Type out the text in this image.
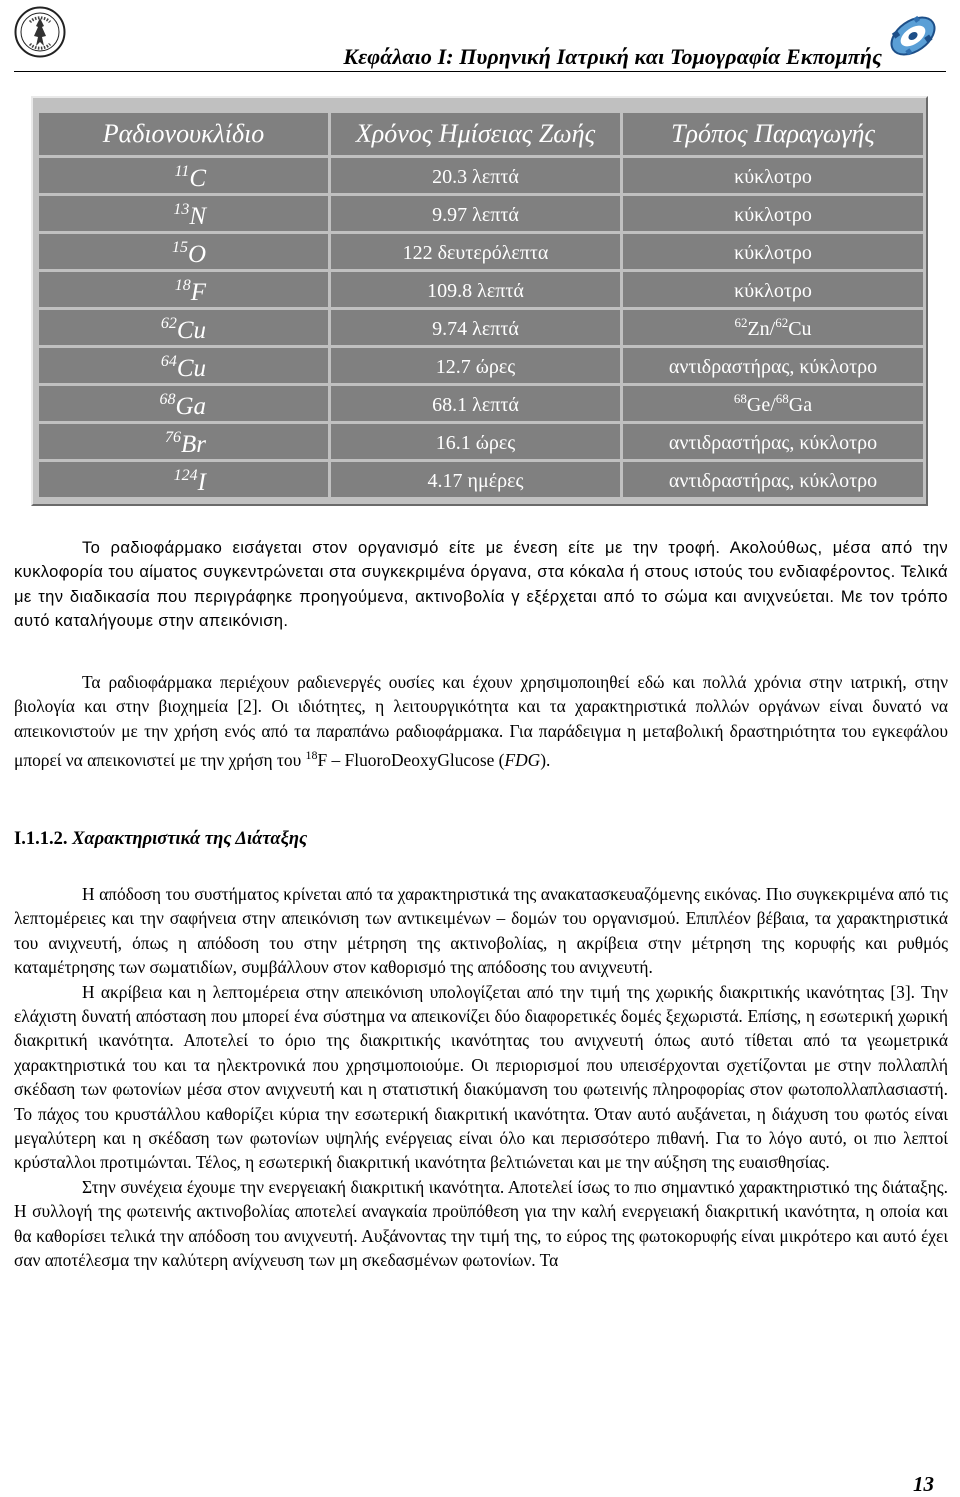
Κεφάλαιο Ι: Πυρηνική Ιατρική και Τομογραφία Εκπομπής
Ραδιονουκλίδιο	Χρόνος Ημίσειας Ζωής	Τρόπος Παραγωγής
$^{11}$C	20.3 λεπτά	κύκλοτρο
$^{13}$N	9.97 λεπτά	κύκλοτρο
$^{15}$O	122 δευτερόλεπτα	κύκλοτρο
$^{18}$F	109.8 λεπτά	κύκλοτρο
$^{62}$Cu	9.74 λεπτά	$^{62}$Zn/$^{62}$Cu
$^{64}$Cu	12.7 ώρες	αντιδραστήρας, κύκλοτρο
$^{68}$Ga	68.1 λεπτά	$^{68}$Ge/$^{68}$Ga
$^{76}$Br	16.1 ώρες	αντιδραστήρας, κύκλοτρο
$^{124}$I	4.17 ημέρες	αντιδραστήρας, κύκλοτρο

Το ραδιοφάρμακο εισάγεται στον οργανισμό είτε με ένεση είτε με την τροφή. Ακολούθως, μέσα από την κυκλοφορία του αίματος συγκεντρώνεται στα συγκεκριμένα όργανα, στα κόκαλα ή στους ιστούς του ενδιαφέροντος. Τελικά με την διαδικασία που περιγράφηκε προηγούμενα, ακτινοβολία γ εξέρχεται από το σώμα και ανιχνεύεται. Με τον τρόπο αυτό καταλήγουμε στην απεικόνιση.

Τα ραδιοφάρμακα περιέχουν ραδιενεργές ουσίες και έχουν χρησιμοποιηθεί εδώ και πολλά χρόνια στην ιατρική, στην βιολογία και στην βιοχημεία [2]. Οι ιδιότητες, η λειτουργικότητα και τα χαρακτηριστικά πολλών οργάνων είναι δυνατό να απεικονιστούν με την χρήση ενός από τα παραπάνω ραδιοφάρμακα. Για παράδειγμα η μεταβολική δραστηριότητα του εγκεφάλου μπορεί να απεικονιστεί με την χρήση του $^{18}$F – FluoroDeoxyGlucose (FDG).

Ι.1.1.2. Χαρακτηριστικά της Διάταξης

Η απόδοση του συστήματος κρίνεται από τα χαρακτηριστικά της ανακατασκευαζόμενης εικόνας. Πιο συγκεκριμένα από τις λεπτομέρειες και την σαφήνεια στην απεικόνιση των αντικειμένων – δομών του οργανισμού. Επιπλέον βέβαια, τα χαρακτηριστικά του ανιχνευτή, όπως η απόδοση του στην μέτρηση της ακτινοβολίας, η ακρίβεια στην μέτρηση της κορυφής και ρυθμός καταμέτρησης των σωματιδίων, συμβάλλουν στον καθορισμό της απόδοσης του ανιχνευτή.

Η ακρίβεια και η λεπτομέρεια στην απεικόνιση υπολογίζεται από την τιμή της χωρικής διακριτικής ικανότητας [3]. Την ελάχιστη δυνατή απόσταση που μπορεί ένα σύστημα να απεικονίζει δύο διαφορετικές δομές ξεχωριστά. Επίσης, η εσωτερική χωρική διακριτική ικανότητα. Αποτελεί το όριο της διακριτικής ικανότητας του ανιχνευτή όπως αυτό τίθεται από τα γεωμετρικά χαρακτηριστικά του και τα ηλεκτρονικά που χρησιμοποιούμε. Οι περιορισμοί που υπεισέρχονται σχετίζονται με στην πολλαπλή σκέδαση των φωτονίων μέσα στον ανιχνευτή και η στατιστική διακύμανση του φωτεινής πληροφορίας στον φωτοπολλαπλασιαστή. Το πάχος του κρυστάλλου καθορίζει κύρια την εσωτερική διακριτική ικανότητα. Όταν αυτό αυξάνεται, η διάχυση του φωτός είναι μεγαλύτερη και η σκέδαση των φωτονίων υψηλής ενέργειας είναι όλο και περισσότερο πιθανή. Για το λόγο αυτό, οι πιο λεπτοί κρύσταλλοι προτιμώνται. Τέλος, η εσωτερική διακριτική ικανότητα βελτιώνεται και με την αύξηση της ευαισθησίας.

Στην συνέχεια έχουμε την ενεργειακή διακριτική ικανότητα. Αποτελεί ίσως το πιο σημαντικό χαρακτηριστικό της διάταξης. Η συλλογή της φωτεινής ακτινοβολίας αποτελεί αναγκαία προϋπόθεση για την καλή ενεργειακή διακριτική ικανότητα, η οποία και θα καθορίσει τελικά την απόδοση του ανιχνευτή. Αυξάνοντας την τιμή της, το εύρος της φωτοκορυφής είναι μικρότερο και αυτό έχει σαν αποτέλεσμα την καλύτερη ανίχνευση των μη σκεδασμένων φωτονίων. Τα

13
